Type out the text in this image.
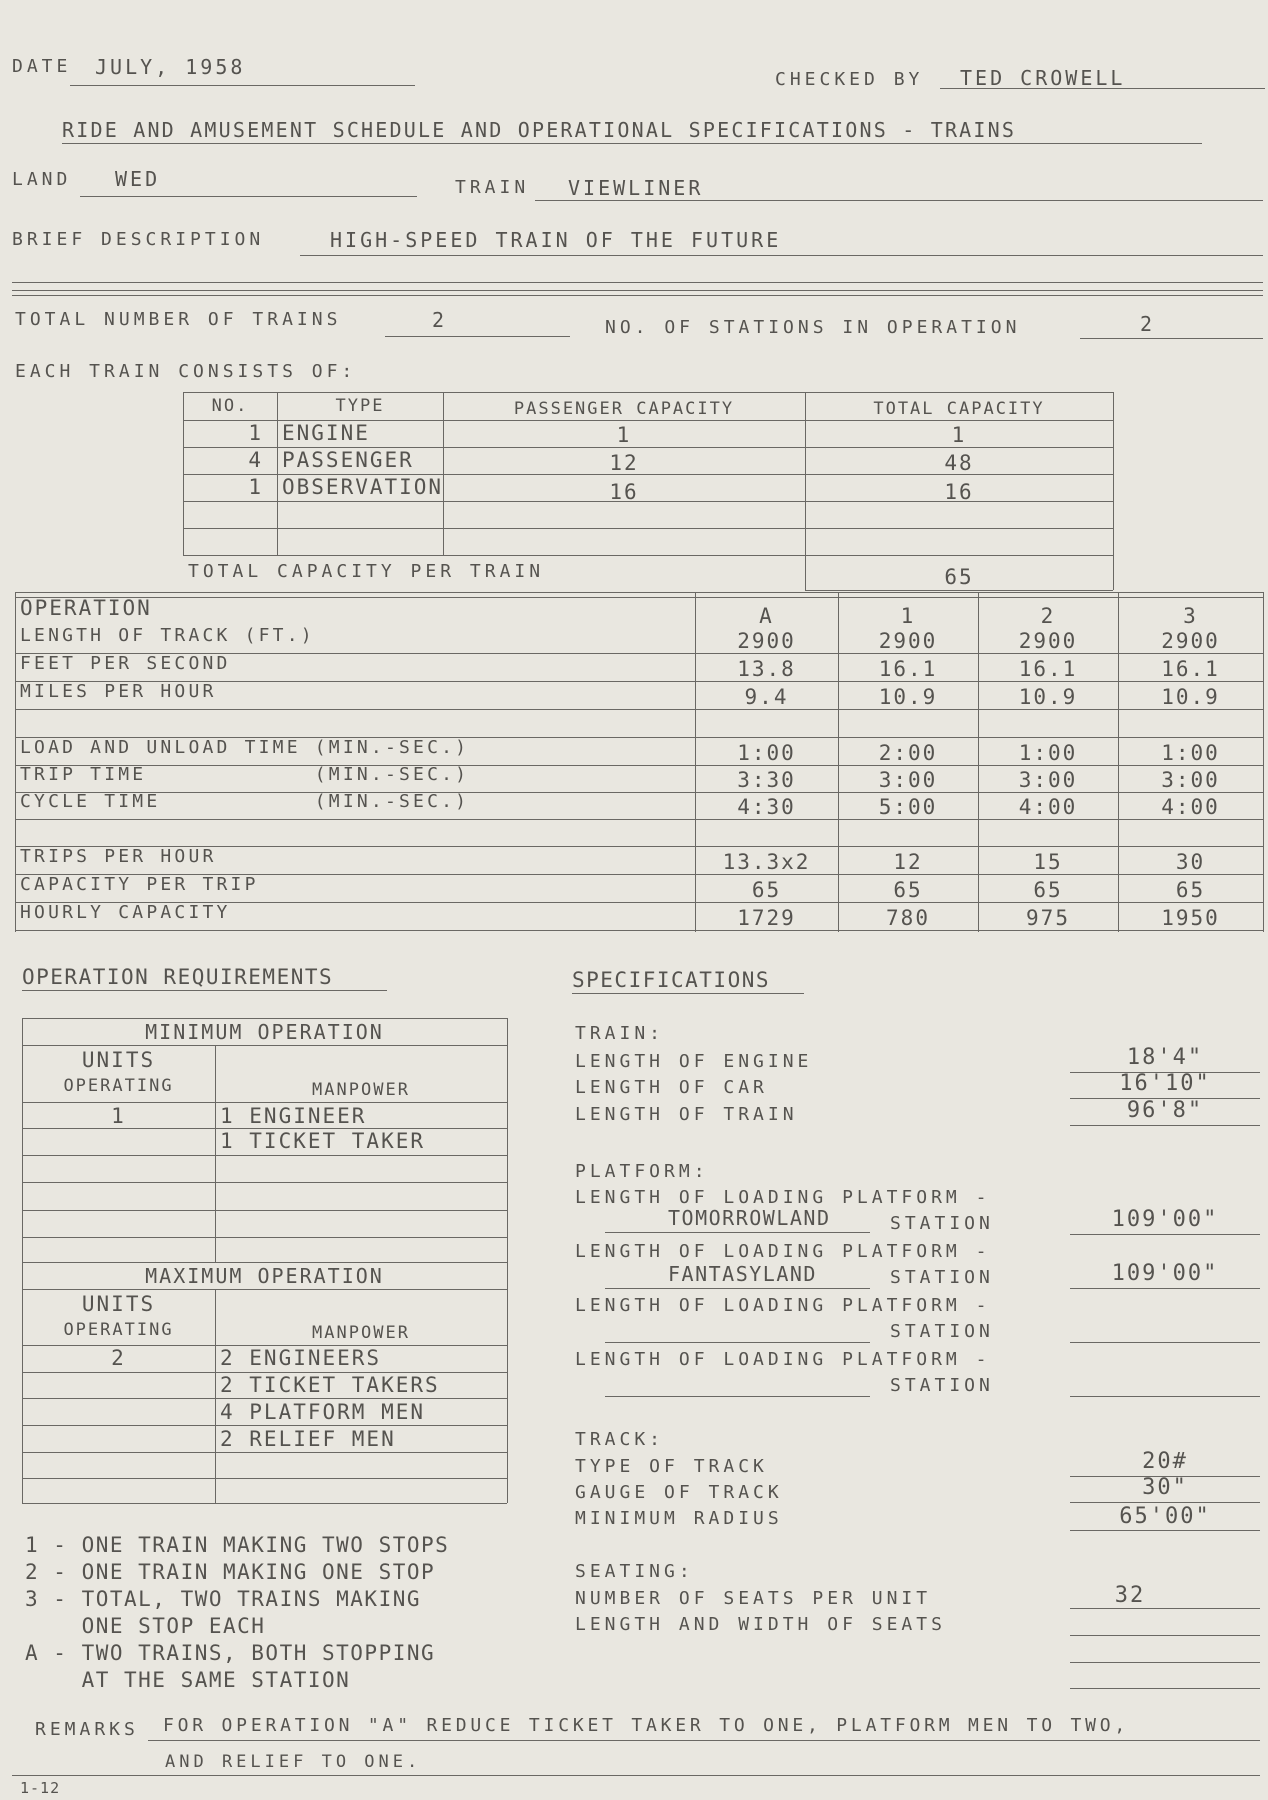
DATE JULY, 1958
CHECKED BY TED CROWELL
RIDE AND AMUSEMENT SCHEDULE AND OPERATIONAL SPECIFICATIONS - TRAINS
LAND WED	TRAIN VIEWLINER
BRIEF DESCRIPTION	HIGH-SPEED TRAIN OF THE FUTURE
TOTAL NUMBER OF TRAINS	2	NO. OF STATIONS IN OPERATION	2
EACH TRAIN CONSISTS OF:
NO.	TYPE	PASSENGER CAPACITY	TOTAL CAPACITY
1 ENGINE	1	1
4 PASSENGER	12	48
1 OBSERVATION	16	16
TOTAL CAPACITY PER TRAIN	65
OPERATION	A	1	2	3
LENGTH OF TRACK (FT.)	2900	2900	2900	2900
FEET PER SECOND	13.8	16.1	16.1	16.1
MILES PER HOUR	9.4	10.9	10.9	10.9
LOAD AND UNLOAD TIME (MIN.-SEC.)	1:00	2:00	1:00	1:00
TRIP TIME            (MIN.-SEC.)	3:30	3:00	3:00	3:00
CYCLE TIME           (MIN.-SEC.)	4:30	5:00	4:00	4:00
TRIPS PER HOUR	13.3x2	12	15	30
CAPACITY PER TRIP	65	65	65	65
HOURLY CAPACITY	1729	780	975	1950
OPERATION REQUIREMENTS
MINIMUM OPERATION
UNITS
OPERATING	MANPOWER
1	1 ENGINEER
1 TICKET TAKER
MAXIMUM OPERATION
UNITS
OPERATING	MANPOWER
2	2 ENGINEERS
2 TICKET TAKERS
4 PLATFORM MEN
2 RELIEF MEN
1 - ONE TRAIN MAKING TWO STOPS
2 - ONE TRAIN MAKING ONE STOP
3 - TOTAL, TWO TRAINS MAKING
ONE STOP EACH
A - TWO TRAINS, BOTH STOPPING
AT THE SAME STATION
SPECIFICATIONS
TRAIN:
LENGTH OF ENGINE	18'4"
LENGTH OF CAR	16'10"
LENGTH OF TRAIN	96'8"
PLATFORM:
LENGTH OF LOADING PLATFORM -
TOMORROWLAND	STATION	109'00"
LENGTH OF LOADING PLATFORM -
FANTASYLAND	STATION	109'00"
LENGTH OF LOADING PLATFORM -
STATION
LENGTH OF LOADING PLATFORM -
STATION
TRACK:
TYPE OF TRACK	20#
GAUGE OF TRACK	30"
MINIMUM RADIUS	65'00"
SEATING:
NUMBER OF SEATS PER UNIT	32
LENGTH AND WIDTH OF SEATS
REMARKS FOR OPERATION "A" REDUCE TICKET TAKER TO ONE, PLATFORM MEN TO TWO,
AND RELIEF TO ONE.
1-12
